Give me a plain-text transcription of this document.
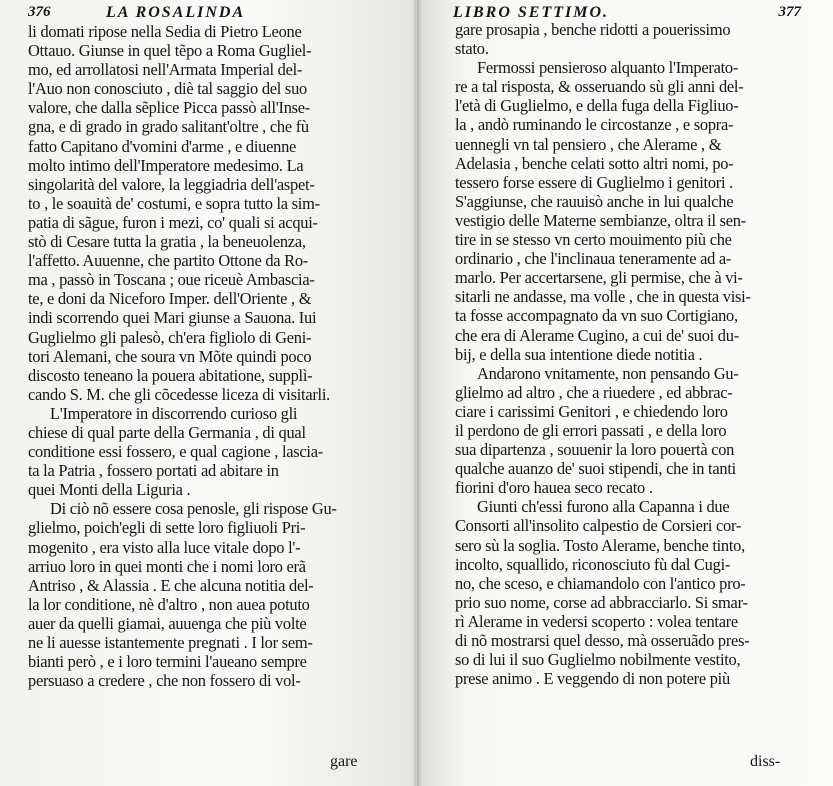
376	LA ROSALINDA
li domati ripose nella Sedia di Pietro Leone
Ottauo. Giunse in quel tẽpo a Roma Gugliel-
mo, ed arrollatosi nell'Armata Imperial del-
l'Auo non conosciuto , diè tal saggio del suo
valore, che dalla sẽplice Picca passò all'Inse-
gna, e di grado in grado salitant'oltre , che fù
fatto Capitano d'vomini d'arme , e diuenne
molto intimo dell'Imperatore medesimo. La
singolarità del valore, la leggiadria dell'aspet-
to , le soauità de' costumi, e sopra tutto la sim-
patia di sãgue, furon i mezi, co' quali si acqui-
stò di Cesare tutta la gratia , la beneuolenza,
l'affetto. Auuenne, che partito Ottone da Ro-
ma , passò in Toscana ; oue riceuè Ambascia-
te, e doni da Niceforo Imper. dell'Oriente , &
indi scorrendo quei Mari giunse a Sauona. Iui
Guglielmo gli palesò, ch'era figliolo di Geni-
tori Alemani, che soura vn Mõte quindi poco
discosto teneano la pouera abitatione, supplì-
cando S. M. che gli cõcedesse liceza di visitarli.
L'Imperatore in discorrendo curioso gli
chiese di qual parte della Germania , di qual
conditione essi fossero, e qual cagione , lascia-
ta la Patria , fossero portati ad abitare in
quei Monti della Liguria .
Di ciò nõ essere cosa penosle, gli rispose Gu-
glielmo, poich'egli di sette loro figliuoli Pri-
mogenito , era visto alla luce vitale dopo l'-
arriuo loro in quei monti che i nomi loro erã
Antriso , & Alassia . E che alcuna notitia del-
la lor conditione, nè d'altro , non auea potuto
auer da quelli giamai, auuenga che più volte
ne li auesse istantemente pregnati . I lor sem-
bianti però , e i loro termini l'aueano sempre
persuaso a credere , che non fossero di vol-
gare
LIBRO SETTIMO.	377
gare prosapia , benche ridotti a pouerissimo
stato.
Fermossi pensieroso alquanto l'Imperato-
re a tal risposta, & osseruando sù gli anni del-
l'età di Guglielmo, e della fuga della Figliuo-
la , andò ruminando le circostanze , e sopra-
uennegli vn tal pensiero , che Alerame , &
Adelasia , benche celati sotto altri nomi, po-
tessero forse essere di Guglielmo i genitori .
S'aggiunse, che rauuisò anche in lui qualche
vestigio delle Materne sembianze, oltra il sen-
tire in se stesso vn certo mouimento più che
ordinario , che l'inclinaua teneramente ad a-
marlo. Per accertarsene, gli permise, che à vi-
sitarli ne andasse, ma volle , che in questa visi-
ta fosse accompagnato da vn suo Cortigiano,
che era di Alerame Cugino, a cui de' suoi du-
bij, e della sua intentione diede notitia .
Andarono vnitamente, non pensando Gu-
glielmo ad altro , che a riuedere , ed abbrac-
ciare i carissimi Genitori , e chiedendo loro
il perdono de gli errori passati , e della loro
sua dipartenza , souuenir la loro pouertà con
qualche auanzo de' suoi stipendi, che in tanti
fiorini d'oro hauea seco recato .
Giunti ch'essi furono alla Capanna i due
Consorti all'insolito calpestio de Corsieri cor-
sero sù la soglia. Tosto Alerame, benche tinto,
incolto, squallido, riconosciuto fù dal Cugi-
no, che sceso, e chiamandolo con l'antico pro-
prio suo nome, corse ad abbracciarlo. Si smar-
rì Alerame in vedersi scoperto : volea tentare
di nõ mostrarsi quel desso, mà osseruãdo pres-
so di lui il suo Guglielmo nobilmente vestito,
prese animo . E veggendo di non potere più
diss-
